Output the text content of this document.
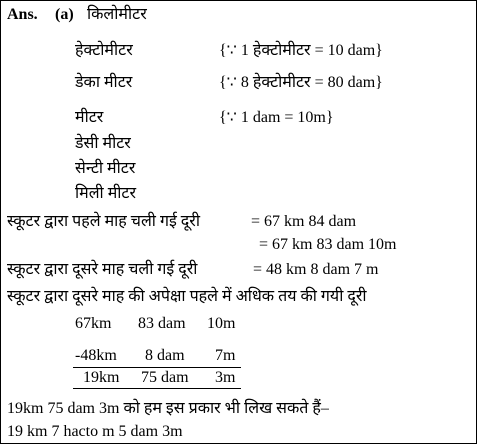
Ans. (a) किलोमीटर
हेक्टोमीटर	{∵ 1 हेक्टोमीटर = 10 dam}
डेका मीटर	{∵ 8 हेक्टोमीटर = 80 dam}
मीटर	{∵ 1 dam = 10m}
डेसी मीटर
सेन्टी मीटर
मिली मीटर
स्कूटर द्वारा पहले माह चली गई दूरी	= 67 km 84 dam
= 67 km 83 dam 10m
स्कूटर द्वारा दूसरे माह चली गई दूरी	= 48 km 8 dam 7 m
स्कूटर द्वारा दूसरे माह की अपेक्षा पहले में अधिक तय की गयी दूरी
67km 83 dam 10m
-48km 8 dam 7m
19km 75 dam 3m
19km 75 dam 3m को हम इस प्रकार भी लिख सकते हैं–
19 km 7 hacto m 5 dam 3m
